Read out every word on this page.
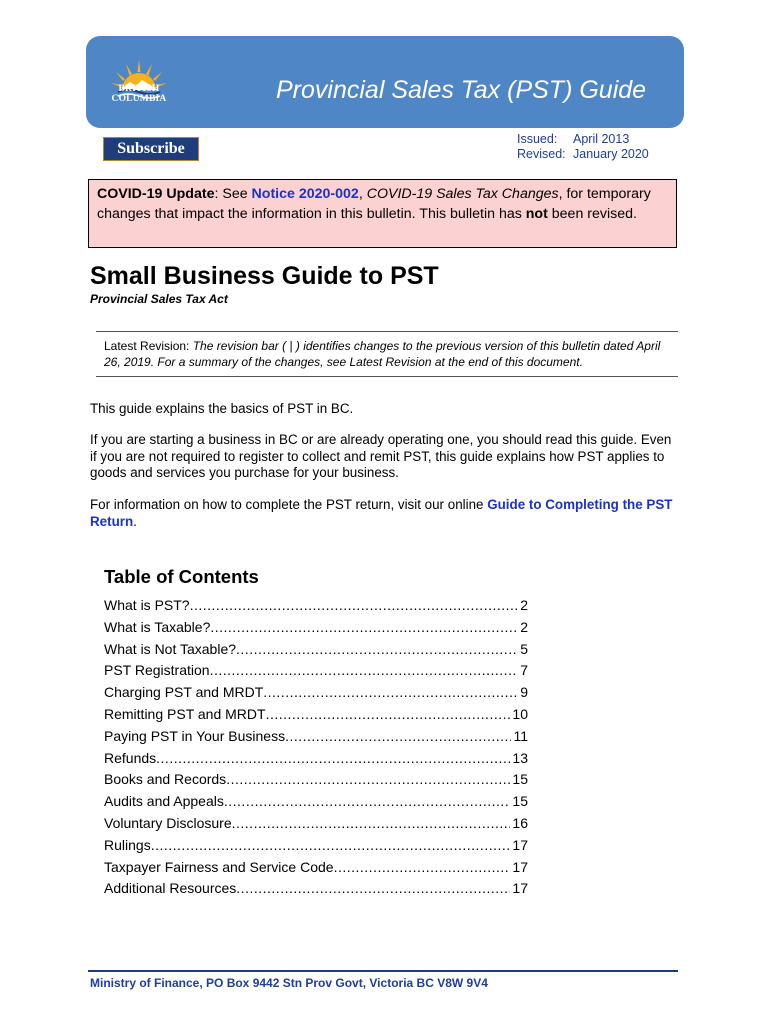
BRITISH
COLUMBIA	Provincial Sales Tax (PST) Guide
Subscribe
Issued: April 2013
Revised: January 2020
COVID-19 Update: See Notice 2020-002, COVID-19 Sales Tax Changes, for temporary changes that impact the information in this bulletin. This bulletin has not been revised.
Small Business Guide to PST
Provincial Sales Tax Act
Latest Revision: The revision bar ( | ) identifies changes to the previous version of this bulletin dated April 26, 2019. For a summary of the changes, see Latest Revision at the end of this document.
This guide explains the basics of PST in BC.
If you are starting a business in BC or are already operating one, you should read this guide. Even if you are not required to register to collect and remit PST, this guide explains how PST applies to goods and services you purchase for your business.
For information on how to complete the PST return, visit our online Guide to Completing the PST Return.
Table of Contents
What is PST? .....	2
What is Taxable? .....	2
What is Not Taxable? .....	5
PST Registration .....	7
Charging PST and MRDT .....	9
Remitting PST and MRDT .....	10
Paying PST in Your Business .....	11
Refunds .....	13
Books and Records .....	15
Audits and Appeals .....	15
Voluntary Disclosure .....	16
Rulings .....	17
Taxpayer Fairness and Service Code .....	17
Additional Resources .....	17
Ministry of Finance, PO Box 9442 Stn Prov Govt, Victoria BC V8W 9V4
